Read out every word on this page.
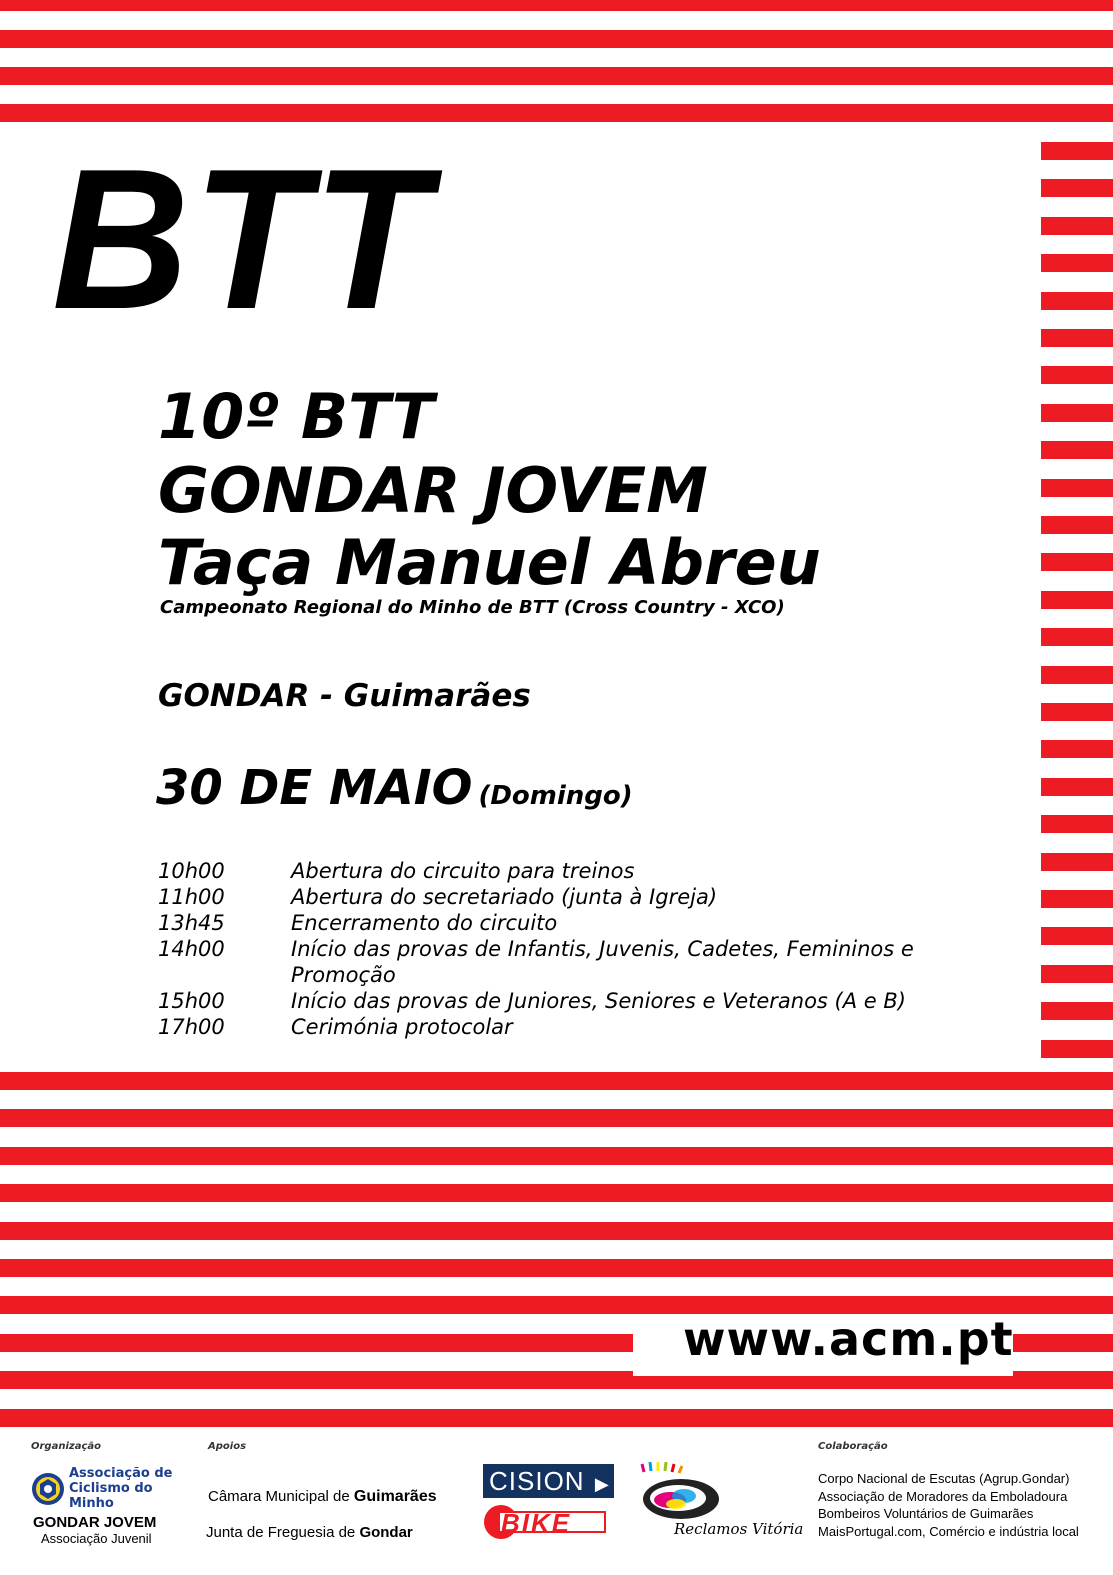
BTT
10º BTT
GONDAR JOVEM
Taça Manuel Abreu
Campeonato Regional do Minho de BTT (Cross Country - XCO)
GONDAR - Guimarães
30 DE MAIO (Domingo)
10h00	Abertura do circuito para treinos
11h00	Abertura do secretariado (junta à Igreja)
13h45	Encerramento do circuito
14h00	Início das provas de Infantis, Juvenis, Cadetes, Femininos e Promoção
15h00	Início das provas de Juniores, Seniores e Veteranos (A e B)
17h00	Cerimónia protocolar
www.acm.pt
Organização	Apoios	Colaboração
Associação de Ciclismo do Minho
GONDAR JOVEM
Associação Juvenil
Câmara Municipal de Guimarães
Junta de Freguesia de Gondar
CISION ▶
BIKE	Reclamos Vitória
Corpo Nacional de Escutas (Agrup.Gondar)
Associação de Moradores da Emboladoura
Bombeiros Voluntários de Guimarães
MaisPortugal.com, Comércio e indústria local
